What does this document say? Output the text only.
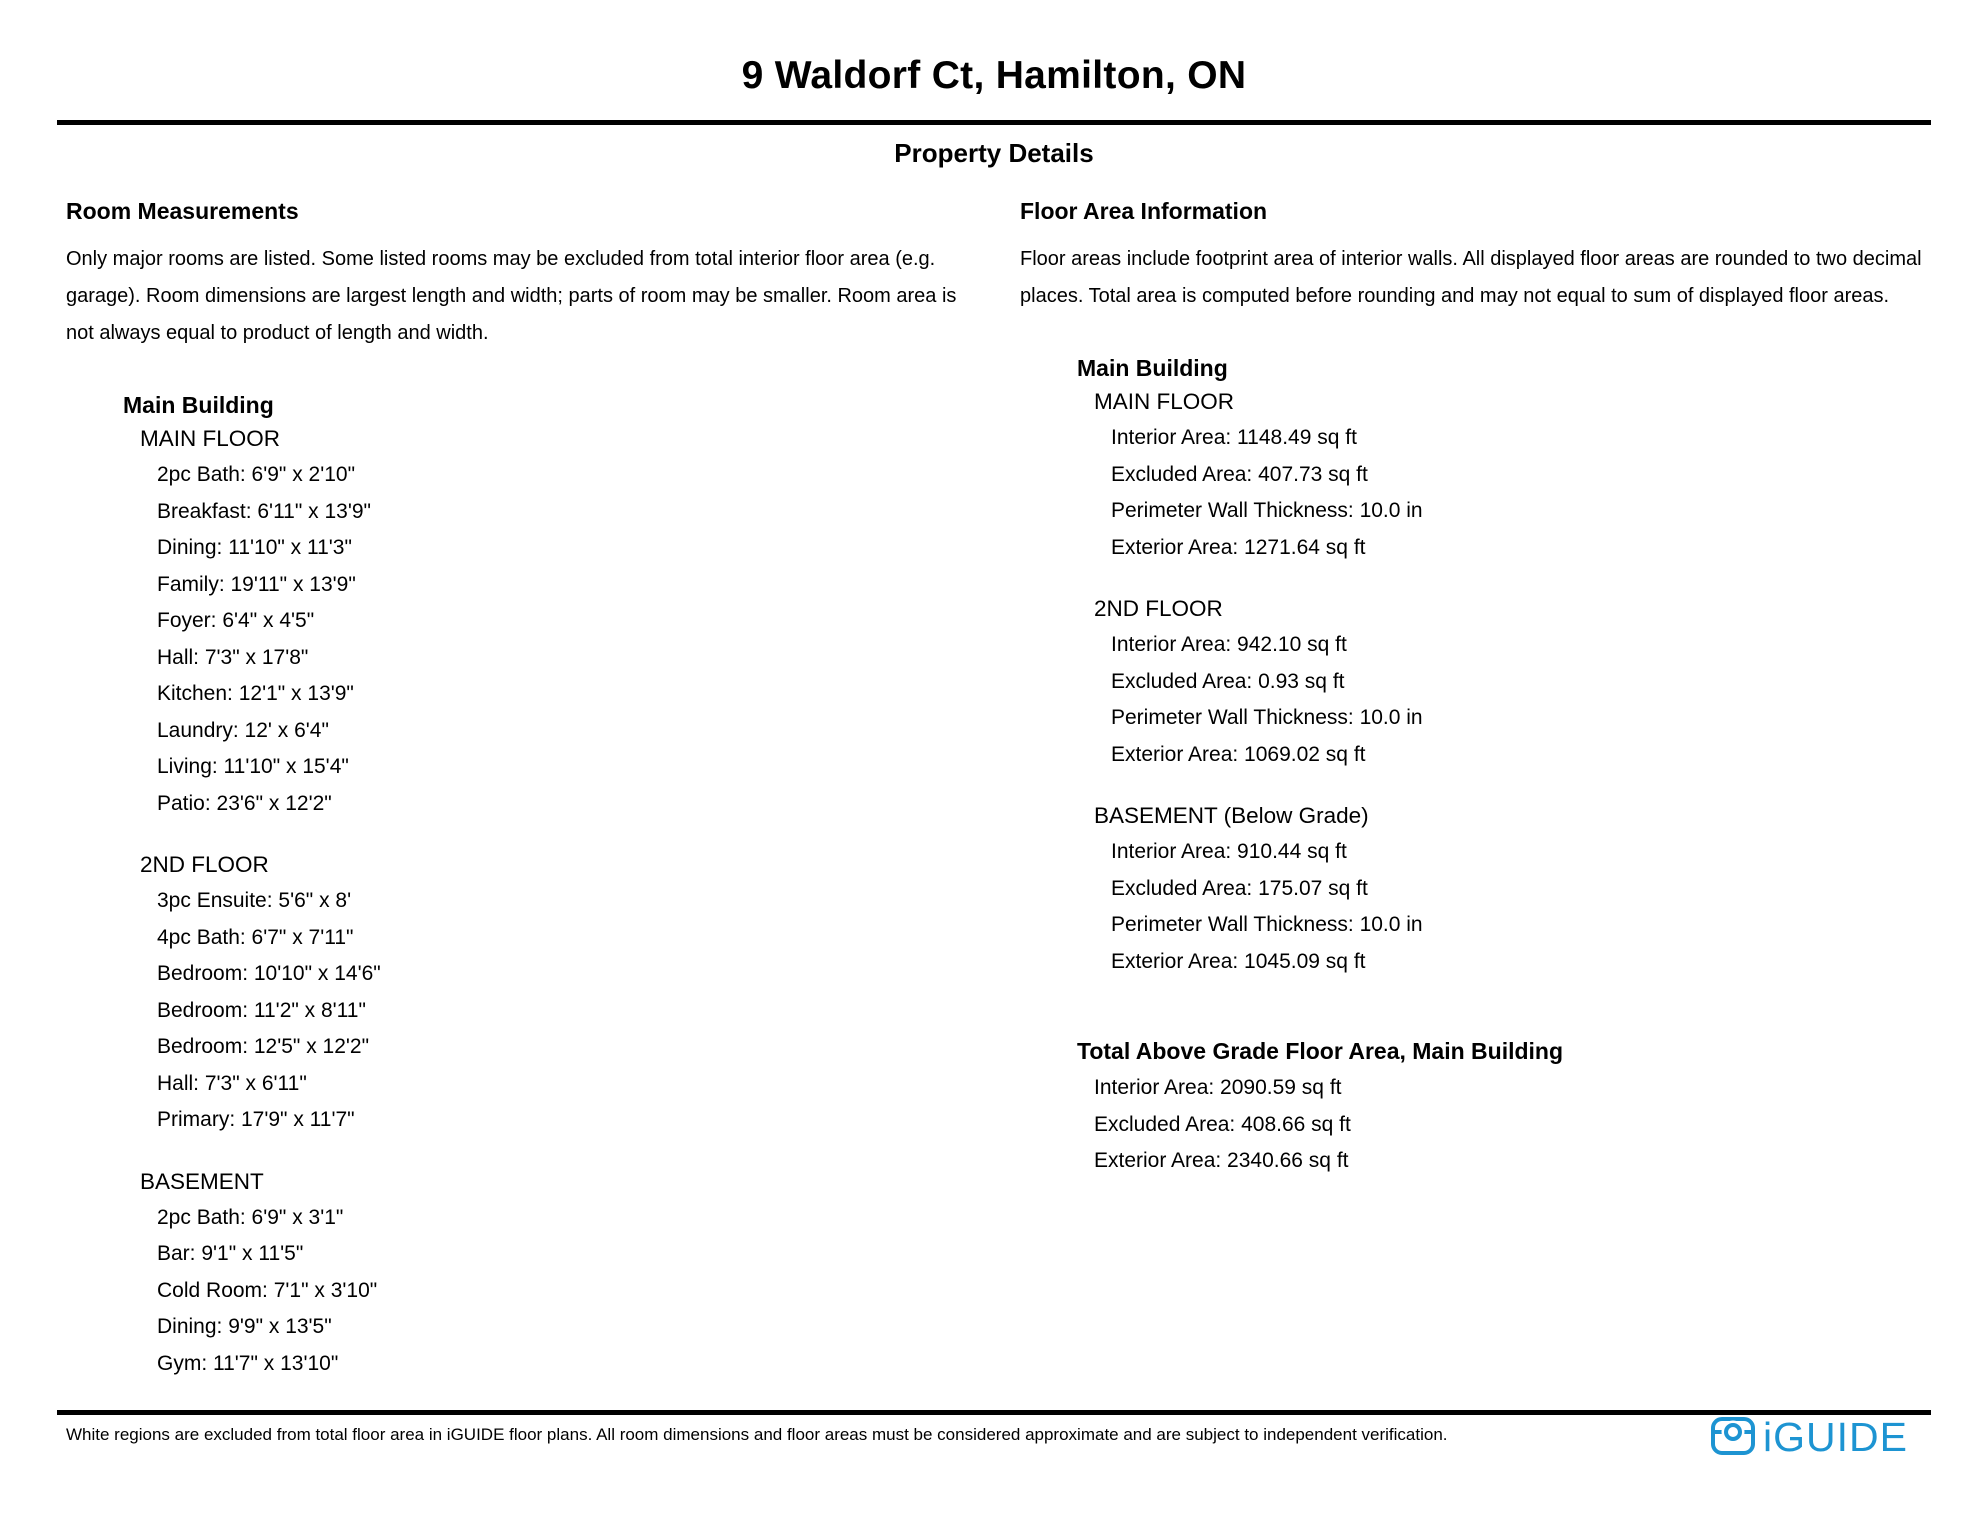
9 Waldorf Ct, Hamilton, ON
Property Details
Room Measurements

Only major rooms are listed. Some listed rooms may be excluded from total interior floor area (e.g. garage). Room dimensions are largest length and width; parts of room may be smaller. Room area is not always equal to product of length and width.

Main Building
MAIN FLOOR
2pc Bath: 6'9" x 2'10"
Breakfast: 6'11" x 13'9"
Dining: 11'10" x 11'3"
Family: 19'11" x 13'9"
Foyer: 6'4" x 4'5"
Hall: 7'3" x 17'8"
Kitchen: 12'1" x 13'9"
Laundry: 12' x 6'4"
Living: 11'10" x 15'4"
Patio: 23'6" x 12'2"
2ND FLOOR
3pc Ensuite: 5'6" x 8'
4pc Bath: 6'7" x 7'11"
Bedroom: 10'10" x 14'6"
Bedroom: 11'2" x 8'11"
Bedroom: 12'5" x 12'2"
Hall: 7'3" x 6'11"
Primary: 17'9" x 11'7"
BASEMENT
2pc Bath: 6'9" x 3'1"
Bar: 9'1" x 11'5"
Cold Room: 7'1" x 3'10"
Dining: 9'9" x 13'5"
Gym: 11'7" x 13'10"
Floor Area Information

Floor areas include footprint area of interior walls. All displayed floor areas are rounded to two decimal places. Total area is computed before rounding and may not equal to sum of displayed floor areas.

Main Building
MAIN FLOOR
Interior Area: 1148.49 sq ft
Excluded Area: 407.73 sq ft
Perimeter Wall Thickness: 10.0 in
Exterior Area: 1271.64 sq ft
2ND FLOOR
Interior Area: 942.10 sq ft
Excluded Area: 0.93 sq ft
Perimeter Wall Thickness: 10.0 in
Exterior Area: 1069.02 sq ft
BASEMENT (Below Grade)
Interior Area: 910.44 sq ft
Excluded Area: 175.07 sq ft
Perimeter Wall Thickness: 10.0 in
Exterior Area: 1045.09 sq ft
Total Above Grade Floor Area, Main Building
Interior Area: 2090.59 sq ft
Excluded Area: 408.66 sq ft
Exterior Area: 2340.66 sq ft

White regions are excluded from total floor area in iGUIDE floor plans. All room dimensions and floor areas must be considered approximate and are subject to independent verification.	iGUIDE
